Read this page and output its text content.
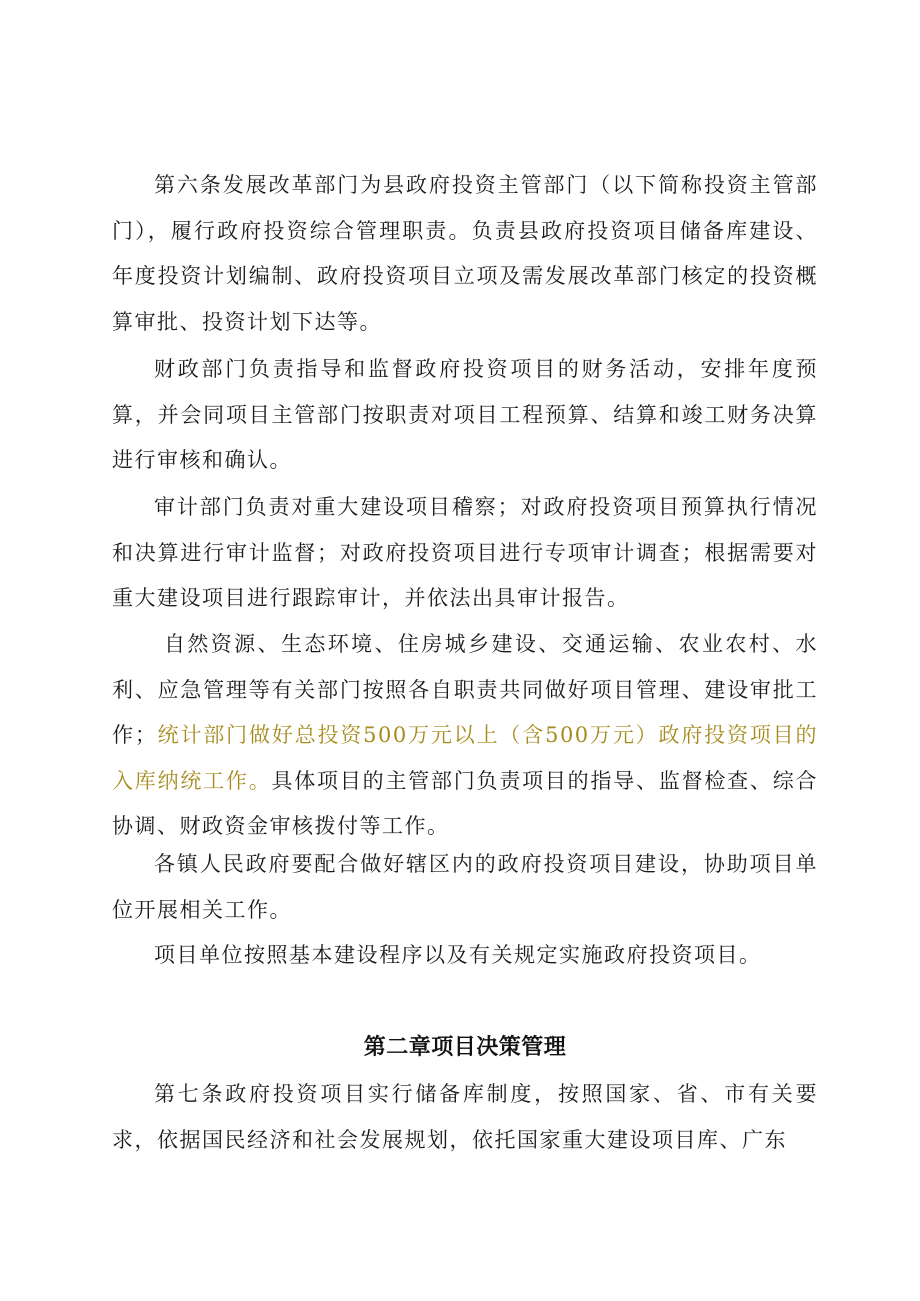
第六条发展改革部门为县政府投资主管部门（以下简称投资主管部门），履行政府投资综合管理职责。负责县政府投资项目储备库建设、年度投资计划编制、政府投资项目立项及需发展改革部门核定的投资概算审批、投资计划下达等。

财政部门负责指导和监督政府投资项目的财务活动，安排年度预算，并会同项目主管部门按职责对项目工程预算、结算和竣工财务决算进行审核和确认。

审计部门负责对重大建设项目稽察；对政府投资项目预算执行情况和决算进行审计监督；对政府投资项目进行专项审计调查；根据需要对重大建设项目进行跟踪审计，并依法出具审计报告。

自然资源、生态环境、住房城乡建设、交通运输、农业农村、水利、应急管理等有关部门按照各自职责共同做好项目管理、建设审批工作；统计部门做好总投资500万元以上（含500万元）政府投资项目的入库纳统工作。具体项目的主管部门负责项目的指导、监督检查、综合协调、财政资金审核拨付等工作。

各镇人民政府要配合做好辖区内的政府投资项目建设，协助项目单位开展相关工作。

项目单位按照基本建设程序以及有关规定实施政府投资项目。

第二章项目决策管理

第七条政府投资项目实行储备库制度，按照国家、省、市有关要求，依据国民经济和社会发展规划，依托国家重大建设项目库、广东
